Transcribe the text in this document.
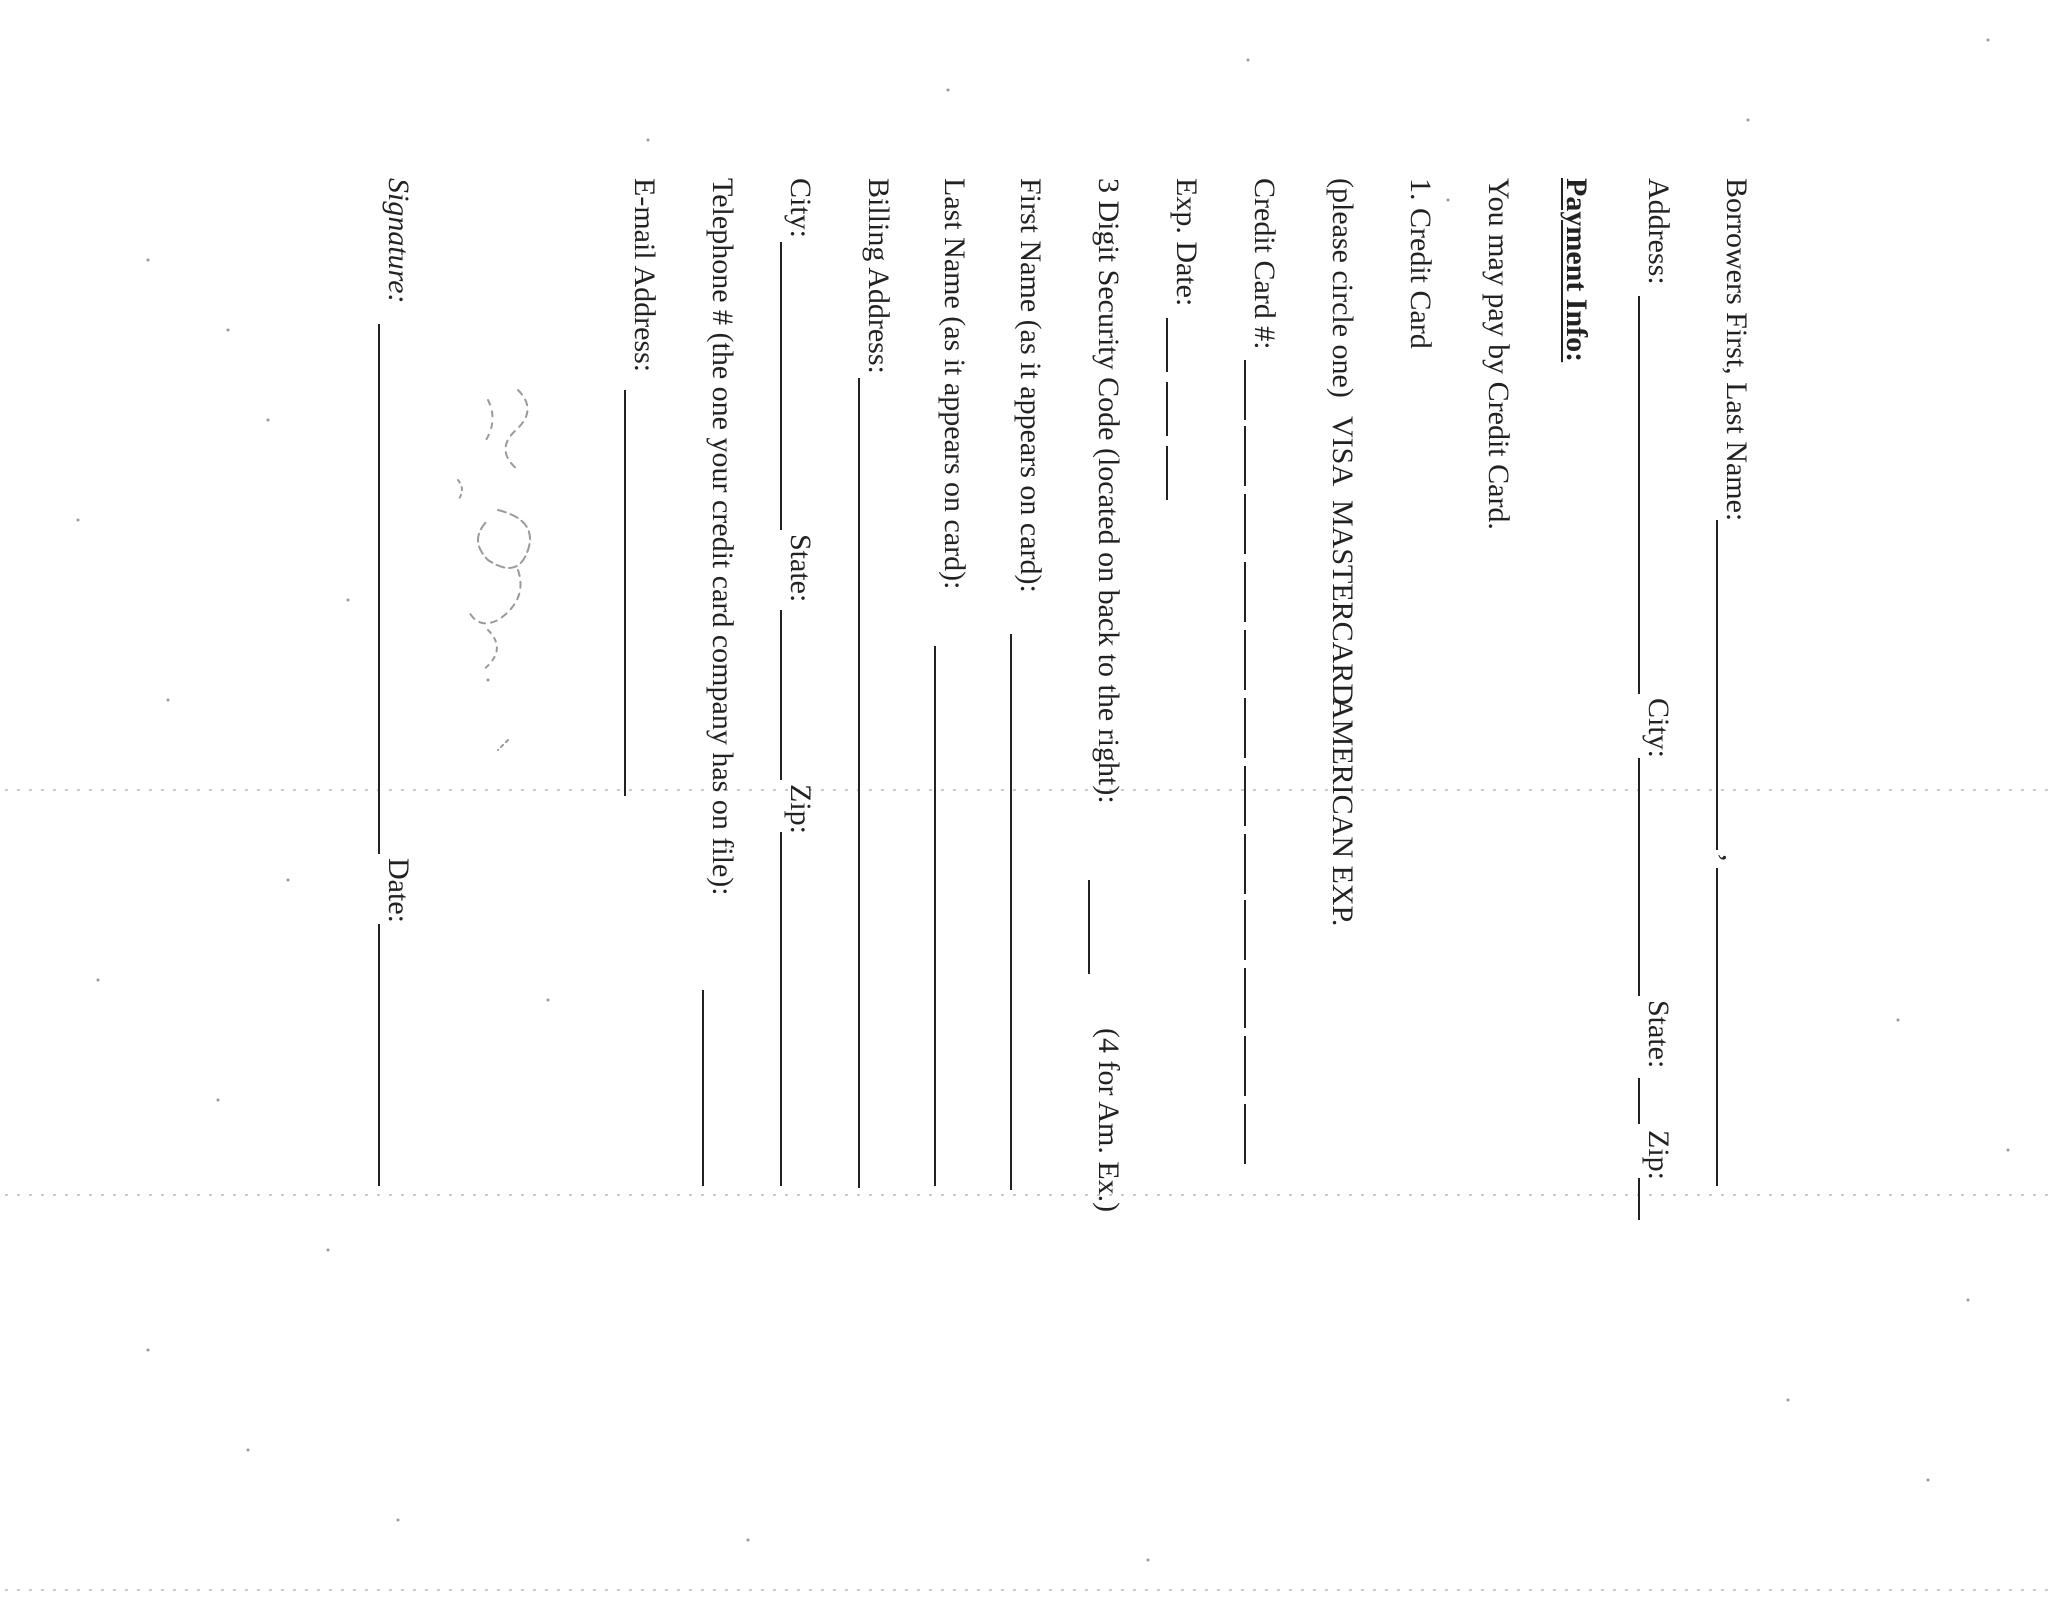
Borrowers First, Last Name:
,
Address:
City:
State:
Zip:
Payment Info:
You may pay by Credit Card.
1. Credit Card
(please circle one)
VISA
MASTERCARD
AMERICAN EXP.
Credit Card #:
Exp. Date:
3 Digit Security Code (located on back to the right):
(4 for Am. Ex.)
First Name (as it appears on card):
Last Name (as it appears on card):
Billing Address:
City:
State:
Zip:
Telephone # (the one your credit card company has on file):
E-mail Address:
Signature:
Date:
